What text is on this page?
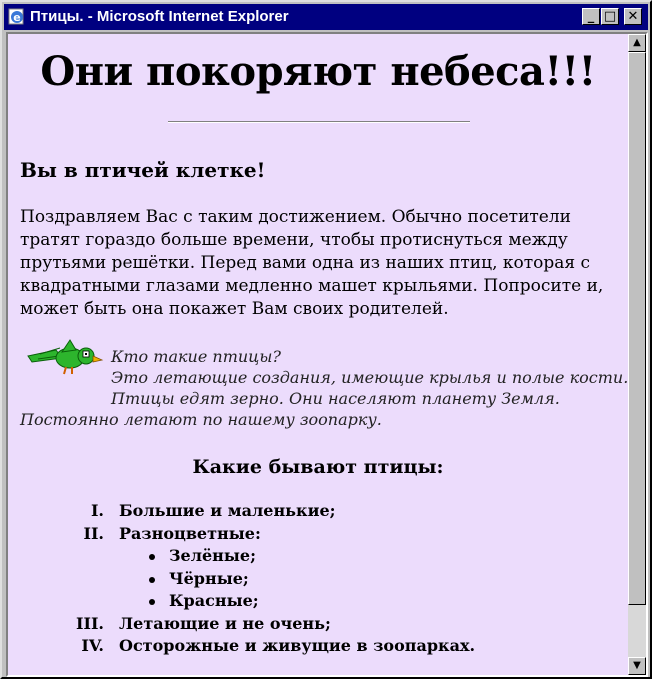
e Птицы. - Microsoft Internet Explorer	_ □ ✕
Они покоряют небеса!!!
Вы в птичей клетке!

Поздравляем Вас с таким достижением. Обычно посетители тратят гораздо больше времени, чтобы протиснуться между прутьями решётки. Перед вами одна из наших птиц, которая с квадратными глазами медленно машет крыльями. Попросите и, может быть она покажет Вам своих родителей.

Кто такие птицы?
Это летающие создания, имеющие крылья и полые кости.
Птицы едят зерно. Они населяют планету Земля.
Постоянно летают по нашему зоопарку.
Какие бывают птицы:
I. Большие и маленькие;
II. Разноцветные:
Зелёные;
Чёрные;
Красные;
III. Летающие и не очень;
IV. Осторожные и живущие в зоопарках.
▲
▼
